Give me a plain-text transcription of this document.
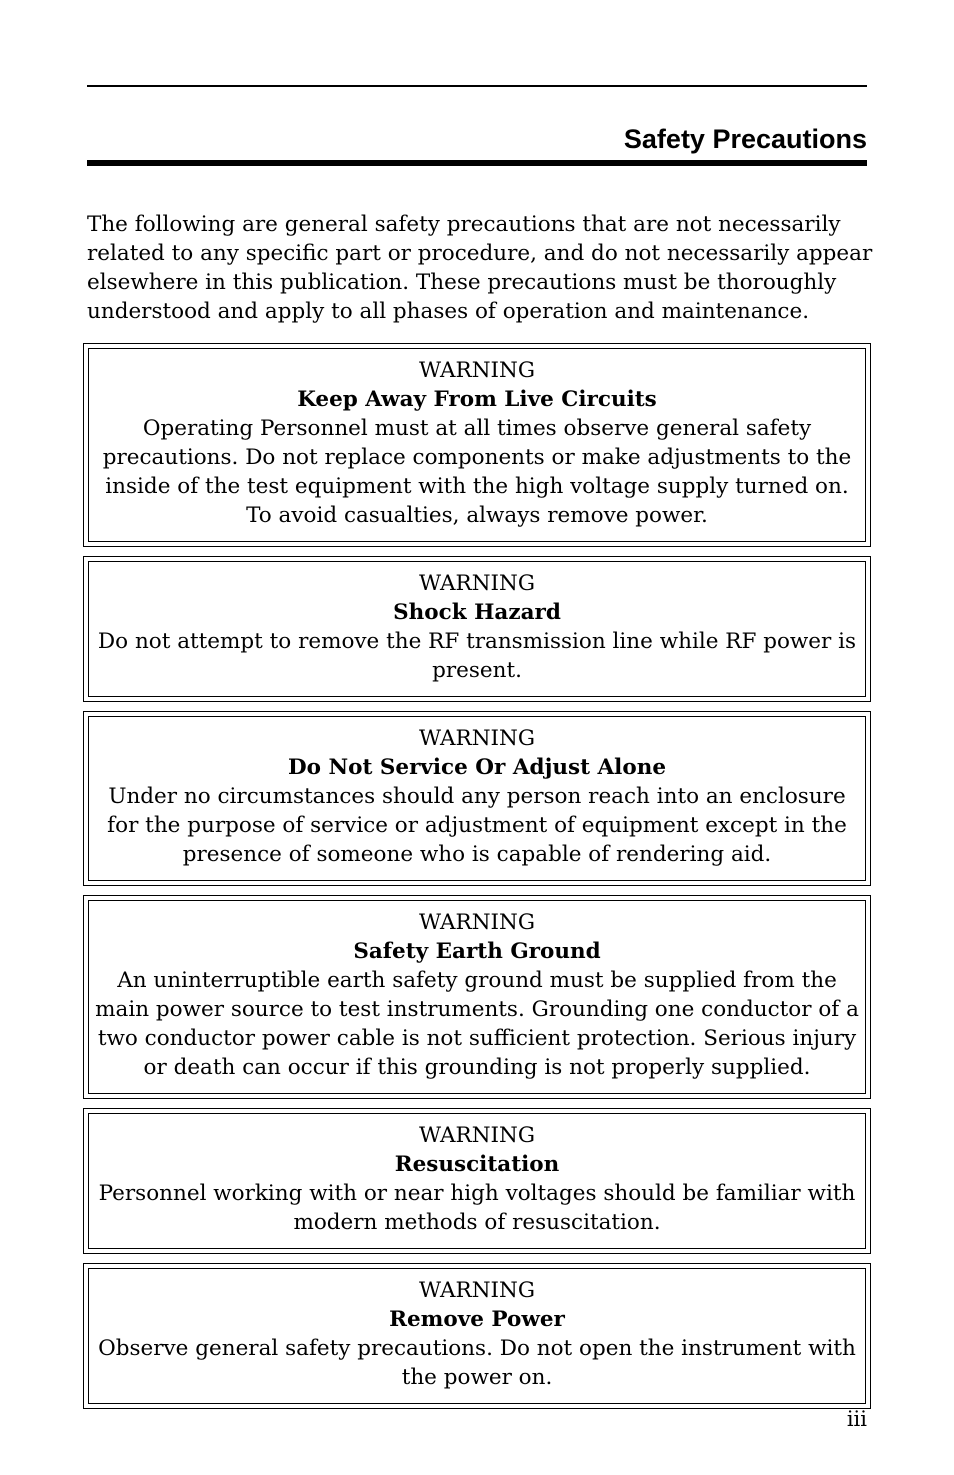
Safety Precautions

The following are general safety precautions that are not necessarily related to any specific part or procedure, and do not necessarily appear elsewhere in this publication. These precautions must be thoroughly understood and apply to all phases of operation and maintenance.

WARNING
Keep Away From Live Circuits
Operating Personnel must at all times observe general safety precautions. Do not replace components or make adjustments to the inside of the test equipment with the high voltage supply turned on. To avoid casualties, always remove power.
WARNING
Shock Hazard
Do not attempt to remove the RF transmission line while RF power is present.
WARNING
Do Not Service Or Adjust Alone
Under no circumstances should any person reach into an enclosure for the purpose of service or adjustment of equipment except in the presence of someone who is capable of rendering aid.
WARNING
Safety Earth Ground
An uninterruptible earth safety ground must be supplied from the main power source to test instruments. Grounding one conductor of a two conductor power cable is not sufficient protection. Serious injury or death can occur if this grounding is not properly supplied.
WARNING
Resuscitation
Personnel working with or near high voltages should be familiar with modern methods of resuscitation.
WARNING
Remove Power
Observe general safety precautions. Do not open the instrument with the power on.
iii
